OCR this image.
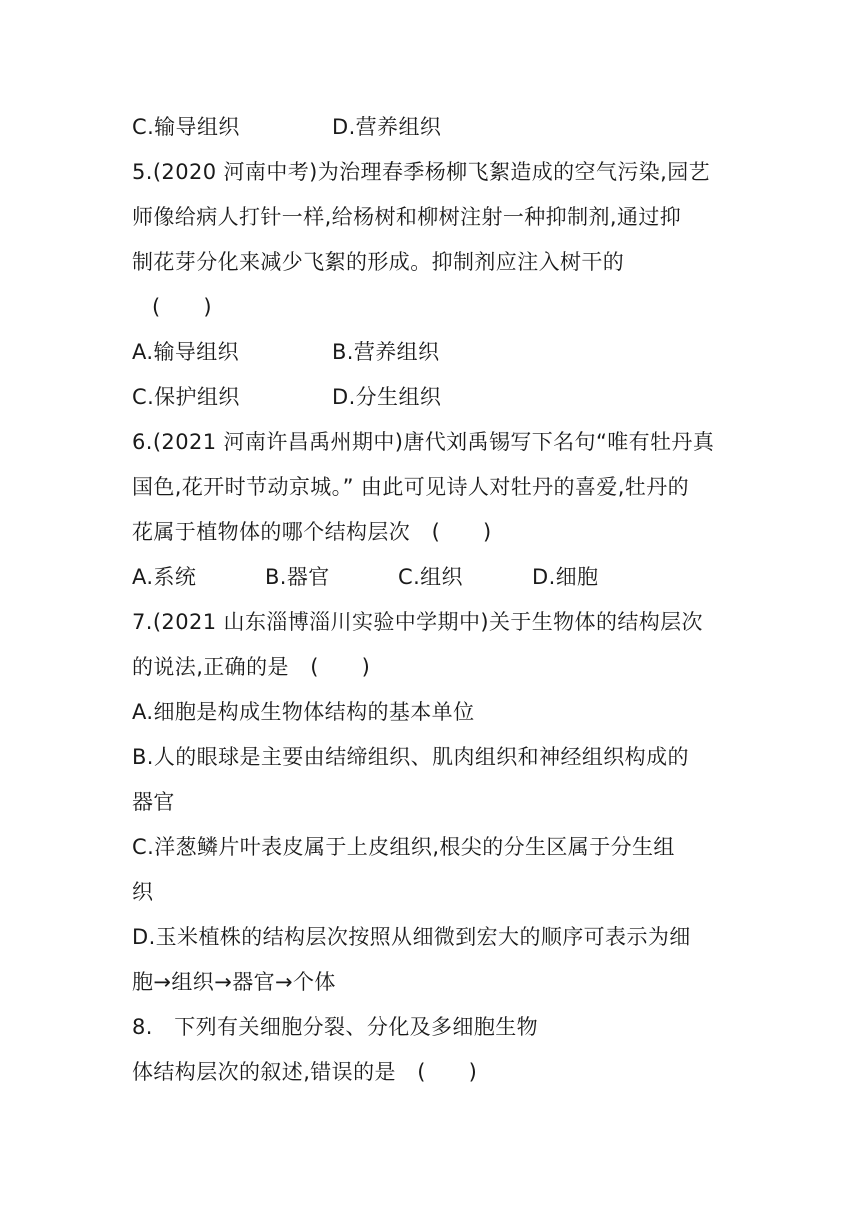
C.输导组织	D.营养组织
5.(2020 河南中考)为治理春季杨柳飞絮造成的空气污染,园艺
师像给病人打针一样,给杨树和柳树注射一种抑制剂,通过抑
制花芽分化来减少飞絮的形成。抑制剂应注入树干的
(　　)
A.输导组织	B.营养组织
C.保护组织	D.分生组织
6.(2021 河南许昌禹州期中)唐代刘禹锡写下名句“唯有牡丹真
国色,花开时节动京城。” 由此可见诗人对牡丹的喜爱,牡丹的
花属于植物体的哪个结构层次　(　　)
A.系统	B.器官	C.组织	D.细胞
7.(2021 山东淄博淄川实验中学期中)关于生物体的结构层次
的说法,正确的是　(　　)
A.细胞是构成生物体结构的基本单位
B.人的眼球是主要由结缔组织、肌肉组织和神经组织构成的
器官
C.洋葱鳞片叶表皮属于上皮组织,根尖的分生区属于分生组
织
D.玉米植株的结构层次按照从细微到宏大的顺序可表示为细
胞→组织→器官→个体
8.　下列有关细胞分裂、分化及多细胞生物
体结构层次的叙述,错误的是　(　　)
